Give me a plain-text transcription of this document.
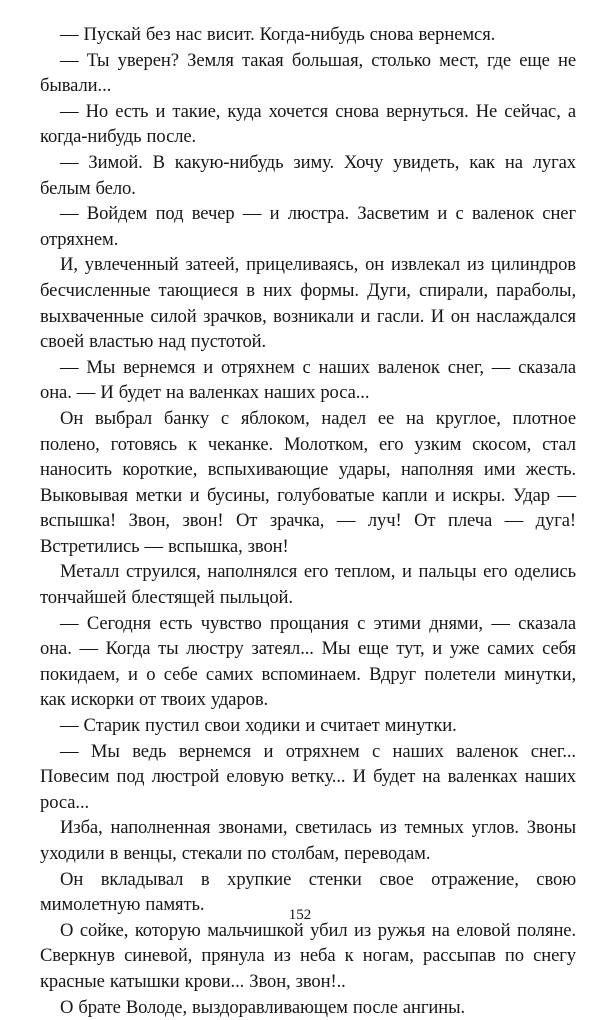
— Пускай без нас висит. Когда-нибудь снова вернемся.

— Ты уверен? Земля такая большая, столько мест, где еще не бывали...

— Но есть и такие, куда хочется снова вернуться. Не сейчас, а когда-нибудь после.

— Зимой. В какую-нибудь зиму. Хочу увидеть, как на лугах белым бело.

— Войдем под вечер — и люстра. Засветим и с валенок снег отряхнем.

И, увлеченный затеей, прицеливаясь, он извлекал из цилиндров бесчисленные тающиеся в них формы. Дуги, спирали, параболы, выхваченные силой зрачков, возникали и гасли. И он наслаждался своей властью над пустотой.

— Мы вернемся и отряхнем с наших валенок снег, — сказала она. — И будет на валенках наших роса...

Он выбрал банку с яблоком, надел ее на круглое, плотное полено, готовясь к чеканке. Молотком, его узким скосом, стал наносить короткие, вспыхивающие удары, наполняя ими жесть. Выковывая метки и бусины, голубоватые капли и искры. Удар — вспышка! Звон, звон! От зрачка, — луч! От плеча — дуга! Встретились — вспышка, звон!

Металл струился, наполнялся его теплом, и пальцы его оделись тончайшей блестящей пыльцой.

— Сегодня есть чувство прощания с этими днями, — сказала она. — Когда ты люстру затеял... Мы еще тут, и уже самих себя покидаем, и о себе самих вспоминаем. Вдруг полетели минутки, как искорки от твоих ударов.

— Старик пустил свои ходики и считает минутки.

— Мы ведь вернемся и отряхнем с наших валенок снег... Повесим под люстрой еловую ветку... И будет на валенках наших роса...

Изба, наполненная звонами, светилась из темных углов. Звоны уходили в венцы, стекали по столбам, переводам.

Он вкладывал в хрупкие стенки свое отражение, свою мимолетную память.

О сойке, которую мальчишкой убил из ружья на еловой поляне. Сверкнув синевой, прянула из неба к ногам, рассыпав по снегу красные катышки крови... Звон, звон!..

О брате Володе, выздоравливающем после ангины.

152
